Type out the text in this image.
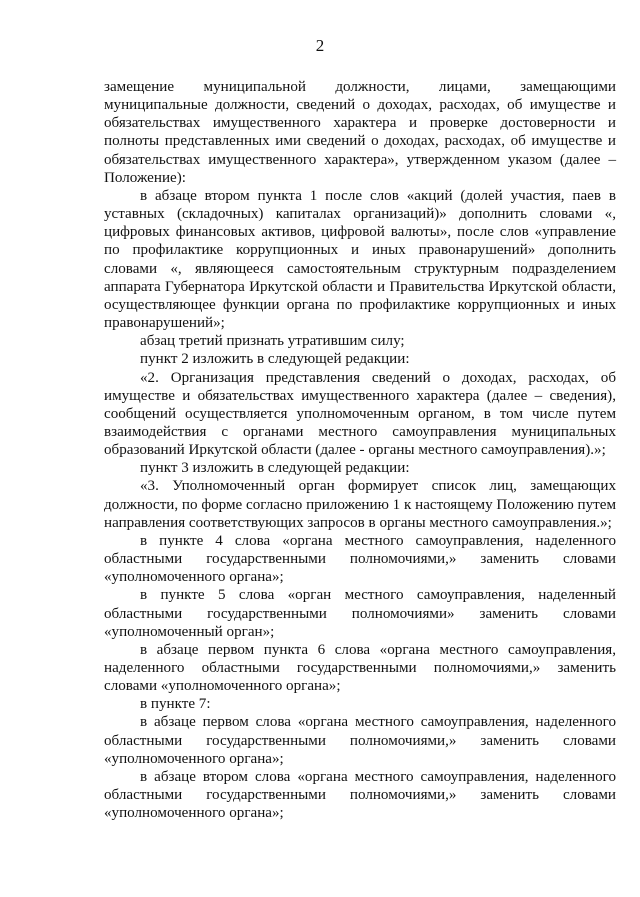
2

замещение муниципальной должности, лицами, замещающими муниципальные должности, сведений о доходах, расходах, об имуществе и обязательствах имущественного характера и проверке достоверности и полноты представленных ими сведений о доходах, расходах, об имуществе и обязательствах имущественного характера», утвержденном указом (далее – Положение):

в абзаце втором пункта 1 после слов «акций (долей участия, паев в уставных (складочных) капиталах организаций)» дополнить словами «, цифровых финансовых активов, цифровой валюты», после слов «управление по профилактике коррупционных и иных правонарушений» дополнить словами «, являющееся самостоятельным структурным подразделением аппарата Губернатора Иркутской области и Правительства Иркутской области, осуществляющее функции органа по профилактике коррупционных и иных правонарушений»;

абзац третий признать утратившим силу;

пункт 2 изложить в следующей редакции:

«2. Организация представления сведений о доходах, расходах, об имуществе и обязательствах имущественного характера (далее – сведения), сообщений осуществляется уполномоченным органом, в том числе путем взаимодействия с органами местного самоуправления муниципальных образований Иркутской области (далее - органы местного самоуправления).»;

пункт 3 изложить в следующей редакции:

«3. Уполномоченный орган формирует список лиц, замещающих должности, по форме согласно приложению 1 к настоящему Положению путем направления соответствующих запросов в органы местного самоуправления.»;

в пункте 4 слова «органа местного самоуправления, наделенного областными государственными полномочиями,» заменить словами «уполномоченного органа»;

в пункте 5 слова «орган местного самоуправления, наделенный областными государственными полномочиями» заменить словами «уполномоченный орган»;

в абзаце первом пункта 6 слова «органа местного самоуправления, наделенного областными государственными полномочиями,» заменить словами «уполномоченного органа»;

в пункте 7:

в абзаце первом слова «органа местного самоуправления, наделенного областными государственными полномочиями,» заменить словами «уполномоченного органа»;

в абзаце втором слова «органа местного самоуправления, наделенного областными государственными полномочиями,» заменить словами «уполномоченного органа»;
